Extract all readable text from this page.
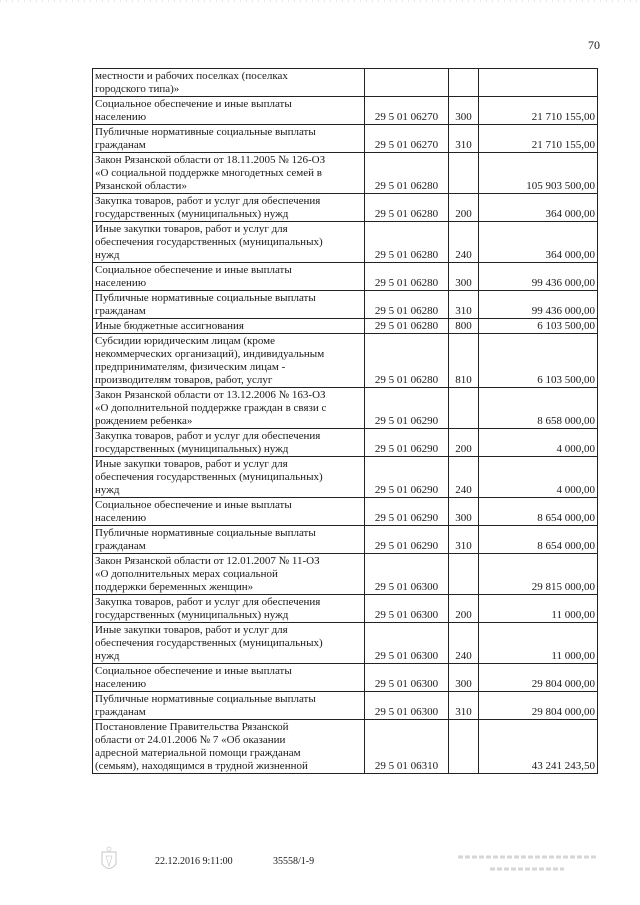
70
местности и рабочих поселках (поселках
городского типа)»			
Социальное обеспечение и иные выплаты
населению	29 5 01 06270	300	21 710 155,00
Публичные нормативные социальные выплаты
гражданам	29 5 01 06270	310	21 710 155,00
Закон Рязанской области от 18.11.2005 № 126-ОЗ
«О социальной поддержке многодетных семей в
Рязанской области»	29 5 01 06280		105 903 500,00
Закупка товаров, работ и услуг для обеспечения
государственных (муниципальных) нужд	29 5 01 06280	200	364 000,00
Иные закупки товаров, работ и услуг для
обеспечения государственных (муниципальных)
нужд	29 5 01 06280	240	364 000,00
Социальное обеспечение и иные выплаты
населению	29 5 01 06280	300	99 436 000,00
Публичные нормативные социальные выплаты
гражданам	29 5 01 06280	310	99 436 000,00
Иные бюджетные ассигнования	29 5 01 06280	800	6 103 500,00
Субсидии юридическим лицам (кроме
некоммерческих организаций), индивидуальным
предпринимателям, физическим лицам -
производителям товаров, работ, услуг	29 5 01 06280	810	6 103 500,00
Закон Рязанской области от 13.12.2006 № 163-ОЗ
«О дополнительной поддержке граждан в связи с
рождением ребенка»	29 5 01 06290		8 658 000,00
Закупка товаров, работ и услуг для обеспечения
государственных (муниципальных) нужд	29 5 01 06290	200	4 000,00
Иные закупки товаров, работ и услуг для
обеспечения государственных (муниципальных)
нужд	29 5 01 06290	240	4 000,00
Социальное обеспечение и иные выплаты
населению	29 5 01 06290	300	8 654 000,00
Публичные нормативные социальные выплаты
гражданам	29 5 01 06290	310	8 654 000,00
Закон Рязанской области от 12.01.2007 № 11-ОЗ
«О дополнительных мерах социальной
поддержки беременных женщин»	29 5 01 06300		29 815 000,00
Закупка товаров, работ и услуг для обеспечения
государственных (муниципальных) нужд	29 5 01 06300	200	11 000,00
Иные закупки товаров, работ и услуг для
обеспечения государственных (муниципальных)
нужд	29 5 01 06300	240	11 000,00
Социальное обеспечение и иные выплаты
населению	29 5 01 06300	300	29 804 000,00
Публичные нормативные социальные выплаты
гражданам	29 5 01 06300	310	29 804 000,00
Постановление Правительства Рязанской
области от 24.01.2006 № 7 «Об оказании
адресной материальной помощи гражданам
(семьям), находящимся в трудной жизненной	29 5 01 06310		43 241 243,50
22.12.2016 9:11:00	35558/1-9
